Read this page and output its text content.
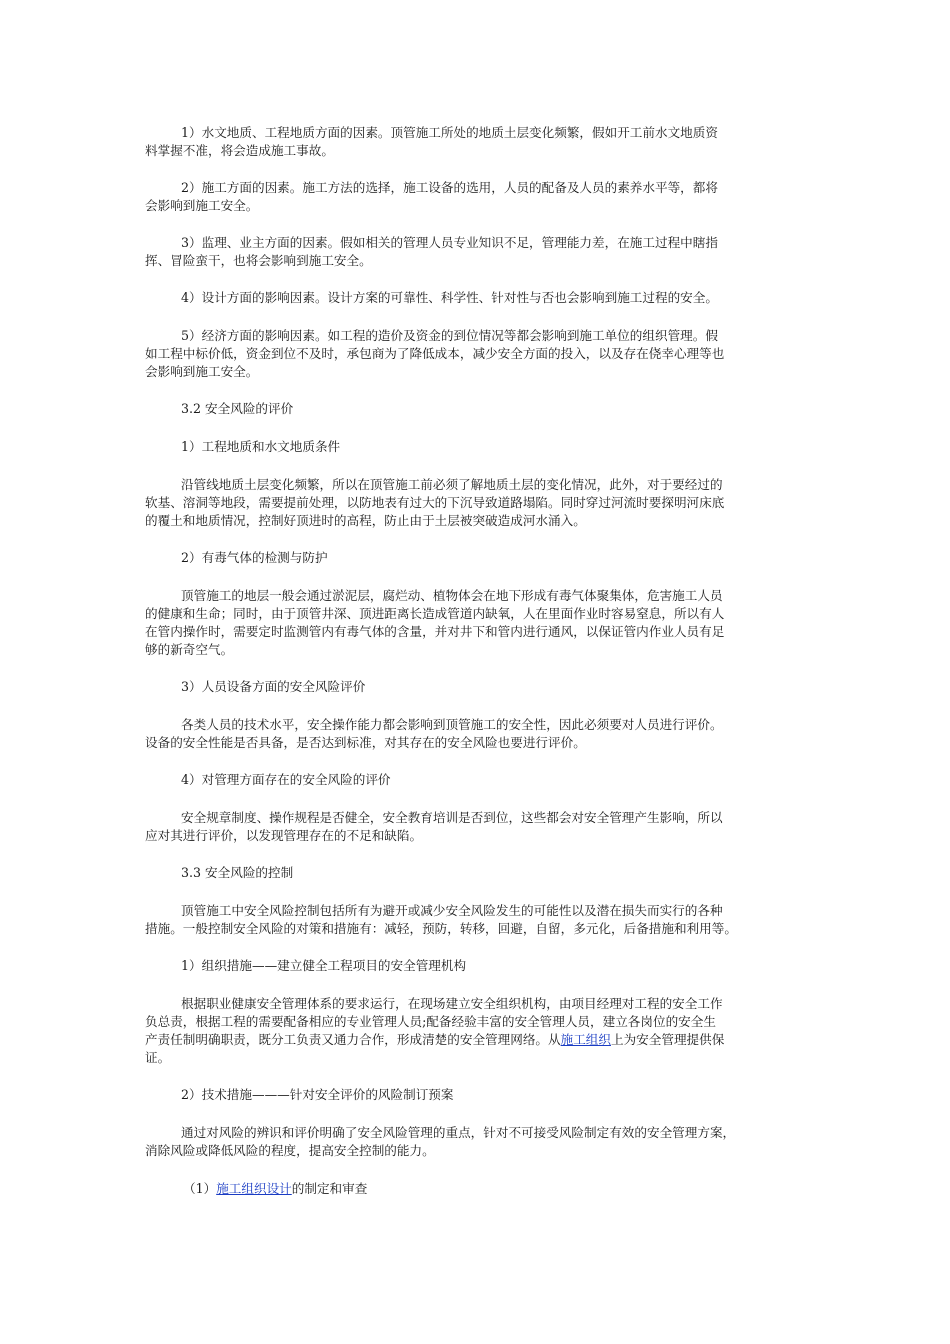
1）水文地质、工程地质方面的因素。顶管施工所处的地质土层变化频繁，假如开工前水文地质资
料掌握不准，将会造成施工事故。
2）施工方面的因素。施工方法的选择，施工设备的选用，人员的配备及人员的素养水平等，都将
会影响到施工安全。
3）监理、业主方面的因素。假如相关的管理人员专业知识不足，管理能力差，在施工过程中瞎指
挥、冒险蛮干，也将会影响到施工安全。
4）设计方面的影响因素。设计方案的可靠性、科学性、针对性与否也会影响到施工过程的安全。
5）经济方面的影响因素。如工程的造价及资金的到位情况等都会影响到施工单位的组织管理。假
如工程中标价低，资金到位不及时，承包商为了降低成本，减少安全方面的投入，以及存在侥幸心理等也
会影响到施工安全。
3.2 安全风险的评价
1）工程地质和水文地质条件
沿管线地质土层变化频繁，所以在顶管施工前必须了解地质土层的变化情况，此外，对于要经过的
软基、溶洞等地段，需要提前处理，以防地表有过大的下沉导致道路塌陷。同时穿过河流时要探明河床底
的覆土和地质情况，控制好顶进时的高程，防止由于土层被突破造成河水涌入。
2）有毒气体的检测与防护
顶管施工的地层一般会通过淤泥层，腐烂动、植物体会在地下形成有毒气体聚集体，危害施工人员
的健康和生命；同时，由于顶管井深、顶进距离长造成管道内缺氧，人在里面作业时容易窒息，所以有人
在管内操作时，需要定时监测管内有毒气体的含量，并对井下和管内进行通风，以保证管内作业人员有足
够的新奇空气。
3）人员设备方面的安全风险评价
各类人员的技术水平，安全操作能力都会影响到顶管施工的安全性，因此必须要对人员进行评价。
设备的安全性能是否具备，是否达到标准，对其存在的安全风险也要进行评价。
4）对管理方面存在的安全风险的评价
安全规章制度、操作规程是否健全，安全教育培训是否到位，这些都会对安全管理产生影响，所以
应对其进行评价，以发现管理存在的不足和缺陷。
3.3 安全风险的控制
顶管施工中安全风险控制包括所有为避开或减少安全风险发生的可能性以及潜在损失而实行的各种
措施。一般控制安全风险的对策和措施有：减轻，预防，转移，回避，自留，多元化，后备措施和利用等。
1）组织措施——建立健全工程项目的安全管理机构
根据职业健康安全管理体系的要求运行，在现场建立安全组织机构，由项目经理对工程的安全工作
负总责，根据工程的需要配备相应的专业管理人员;配备经验丰富的安全管理人员，建立各岗位的安全生
产责任制明确职责，既分工负责又通力合作，形成清楚的安全管理网络。从施工组织上为安全管理提供保
证。
2）技术措施———针对安全评价的风险制订预案
通过对风险的辨识和评价明确了安全风险管理的重点，针对不可接受风险制定有效的安全管理方案，
消除风险或降低风险的程度，提高安全控制的能力。
（1）施工组织设计的制定和审查
